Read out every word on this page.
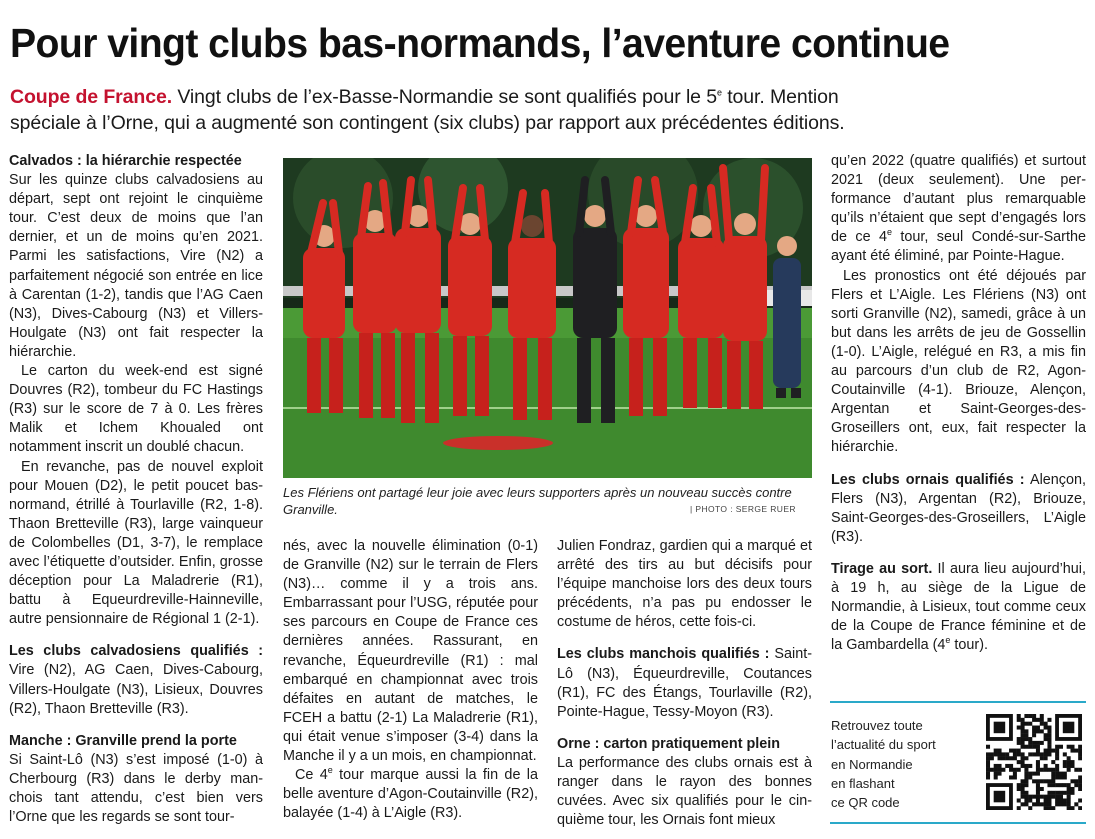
Pour vingt clubs bas-normands, l’aventure continue
Coupe de France. Vingt clubs de l’ex-Basse-Normandie se sont qualifiés pour le 5e tour. Mention
spéciale à l’Orne, qui a augmenté son contingent (six clubs) par rapport aux précédentes éditions.
Calvados : la hiérarchie respectée

Sur les quinze clubs calvadosiens au départ, sept ont rejoint le cinquième tour. C’est deux de moins que l’an dernier, et un de moins qu’en 2021. Parmi les satisfactions, Vire (N2) a parfaitement négocié son entrée en lice à Carentan (1-2), tandis que l’AG Caen (N3), Dives-Cabourg (N3) et Villers-Houlgate (N3) ont fait respecter la hiérarchie.

Le carton du week-end est signé Douvres (R2), tombeur du FC Hastings (R3) sur le score de 7 à 0. Les frères Malik et Ichem Khoualed ont notamment inscrit un doublé chacun.

En revanche, pas de nouvel exploit pour Mouen (D2), le petit poucet bas-normand, étrillé à Tourlaville (R2, 1-8). Thaon Bretteville (R3), large vainqueur de Colombelles (D1, 3-7), le remplace avec l’étiquette d’outsider. Enfin, grosse déception pour La Maladrerie (R1), battu à Equeurdreville-Hainneville, autre pensionnaire de Régional 1 (2-1).

Les clubs calvadosiens qualifiés : Vire (N2), AG Caen, Dives-Cabourg, Villers-Houlgate (N3), Lisieux, Douvres (R2), Thaon Bretteville (R3).

Manche : Granville prend la porte

Si Saint-Lô (N3) s’est imposé (1-0) à Cherbourg (R3) dans le derby manchois tant attendu, c’est bien vers l’Orne que les regards se sont tour-

Les Flériens ont partagé leur joie avec leurs supporters après un nouveau succès contre Granville.	| PHOTO : SERGE RUER

nés, avec la nouvelle élimination (0-1) de Granville (N2) sur le terrain de Flers (N3)… comme il y a trois ans. Embarrassant pour l’USG, réputée pour ses parcours en Coupe de France ces dernières années. Rassurant, en revanche, Équeurdreville (R1) : mal embarqué en championnat avec trois défaites en autant de matches, le FCEH a battu (2-1) La Maladrerie (R1), qui était venue s’imposer (3-4) dans la Manche il y a un mois, en championnat.

Ce 4e tour marque aussi la fin de la belle aventure d’Agon-Coutainville (R2), balayée (1-4) à L’Aigle (R3).

Julien Fondraz, gardien qui a marqué et arrêté des tirs au but décisifs pour l’équipe manchoise lors des deux tours précédents, n’a pas pu endosser le costume de héros, cette fois-ci.

Les clubs manchois qualifiés : Saint-Lô (N3), Équeurdreville, Coutances (R1), FC des Étangs, Tourlaville (R2), Pointe-Hague, Tessy-Moyon (R3).

Orne : carton pratiquement plein

La performance des clubs ornais est à ranger dans le rayon des bonnes cuvées. Avec six qualifiés pour le cinquième tour, les Ornais font mieux

qu’en 2022 (quatre qualifiés) et surtout 2021 (deux seulement). Une performance d’autant plus remarquable qu’ils n’étaient que sept d’engagés lors de ce 4e tour, seul Condé-sur-Sarthe ayant été éliminé, par Pointe-Hague.

Les pronostics ont été déjoués par Flers et L’Aigle. Les Flériens (N3) ont sorti Granville (N2), samedi, grâce à un but dans les arrêts de jeu de Gossellin (1-0). L’Aigle, relégué en R3, a mis fin au parcours d’un club de R2, Agon-Coutainville (4-1). Briouze, Alençon, Argentan et Saint-Georges-des-Groseillers ont, eux, fait respecter la hiérarchie.

Les clubs ornais qualifiés : Alençon, Flers (N3), Argentan (R2), Briouze, Saint-Georges-des-Groseillers, L’Aigle (R3).

Tirage au sort. Il aura lieu aujourd’hui, à 19 h, au siège de la Ligue de Normandie, à Lisieux, tout comme ceux de la Coupe de France féminine et de la Gambardella (4e tour).

Retrouvez toute
l’actualité du sport
en Normandie
en flashant
ce QR code
